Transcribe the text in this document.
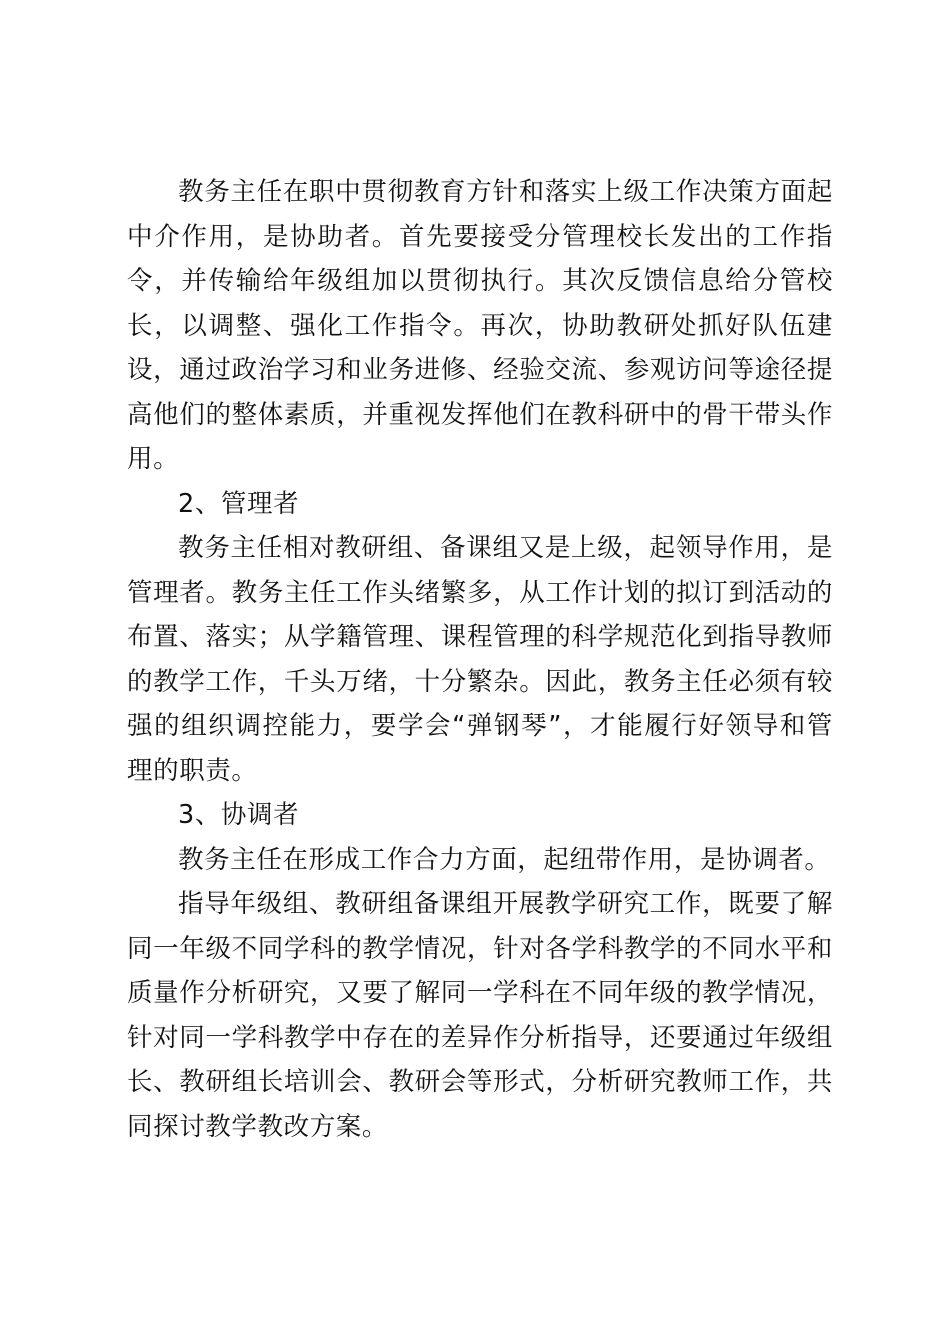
教务主任在职中贯彻教育方针和落实上级工作决策方面起中介作用，是协助者。首先要接受分管理校长发出的工作指令，并传输给年级组加以贯彻执行。其次反馈信息给分管校长，以调整、强化工作指令。再次，协助教研处抓好队伍建设，通过政治学习和业务进修、经验交流、参观访问等途径提高他们的整体素质，并重视发挥他们在教科研中的骨干带头作用。

2、管理者

教务主任相对教研组、备课组又是上级，起领导作用，是管理者。教务主任工作头绪繁多，从工作计划的拟订到活动的布置、落实；从学籍管理、课程管理的科学规范化到指导教师的教学工作，千头万绪，十分繁杂。因此，教务主任必须有较强的组织调控能力，要学会“弹钢琴”，才能履行好领导和管理的职责。

3、协调者

教务主任在形成工作合力方面，起纽带作用，是协调者。

指导年级组、教研组备课组开展教学研究工作，既要了解同一年级不同学科的教学情况，针对各学科教学的不同水平和质量作分析研究，又要了解同一学科在不同年级的教学情况，针对同一学科教学中存在的差异作分析指导，还要通过年级组长、教研组长培训会、教研会等形式，分析研究教师工作，共同探讨教学教改方案。
